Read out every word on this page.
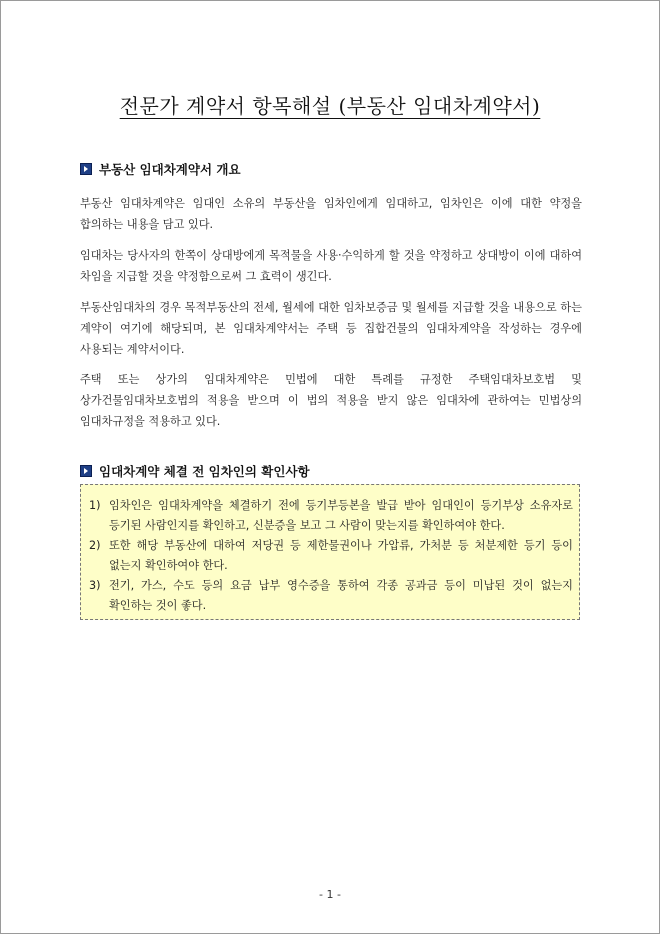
전문가 계약서 항목해설 (부동산 임대차계약서)
부동산 임대차계약서 개요

부동산 임대차계약은 임대인 소유의 부동산을 임차인에게 임대하고, 임차인은 이에 대한 약정을 합의하는 내용을 담고 있다.

임대차는 당사자의 한쪽이 상대방에게 목적물을 사용·수익하게 할 것을 약정하고 상대방이 이에 대하여 차임을 지급할 것을 약정함으로써 그 효력이 생긴다.

부동산임대차의 경우 목적부동산의 전세, 월세에 대한 임차보증금 및 월세를 지급할 것을 내용으로 하는 계약이 여기에 해당되며, 본 임대차계약서는 주택 등 집합건물의 임대차계약을 작성하는 경우에 사용되는 계약서이다.

주택 또는 상가의 임대차계약은 민법에 대한 특례를 규정한 주택임대차보호법 및 상가건물임대차보호법의 적용을 받으며 이 법의 적용을 받지 않은 임대차에 관하여는 민법상의 임대차규정을 적용하고 있다.

임대차계약 체결 전 임차인의 확인사항
1) 임차인은 임대차계약을 체결하기 전에 등기부등본을 발급 받아 임대인이 등기부상 소유자로 등기된 사람인지를 확인하고, 신분증을 보고 그 사람이 맞는지를 확인하여야 한다.
2) 또한 해당 부동산에 대하여 저당권 등 제한물권이나 가압류, 가처분 등 처분제한 등기 등이 없는지 확인하여야 한다.
3) 전기, 가스, 수도 등의 요금 납부 영수증을 통하여 각종 공과금 등이 미납된 것이 없는지 확인하는 것이 좋다.
- 1 -
